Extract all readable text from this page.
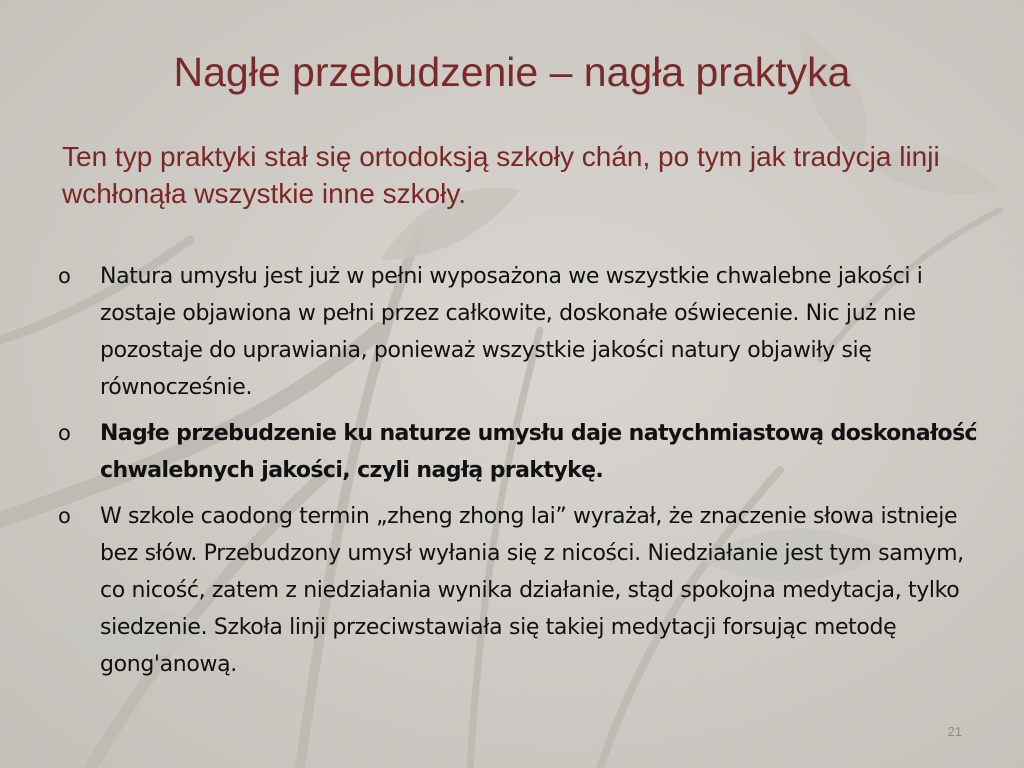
Nagłe przebudzenie – nagła praktyka
Ten typ praktyki stał się ortodoksją szkoły chán, po tym jak tradycja linji wchłonąła wszystkie inne szkoły.
o	Natura umysłu jest już w pełni wyposażona we wszystkie chwalebne jakości i zostaje objawiona w pełni przez całkowite, doskonałe oświecenie. Nic już nie pozostaje do uprawiania, ponieważ wszystkie jakości natury objawiły się równocześnie.
o	Nagłe przebudzenie ku naturze umysłu daje natychmiastową doskonałość chwalebnych jakości, czyli nagłą praktykę.
o	W szkole caodong termin „zheng zhong lai” wyrażał, że znaczenie słowa istnieje bez słów. Przebudzony umysł wyłania się z nicości. Niedziałanie jest tym samym, co nicość, zatem z niedziałania wynika działanie, stąd spokojna medytacja, tylko siedzenie. Szkoła linji przeciwstawiała się takiej medytacji forsując metodę gong'anową.
21
